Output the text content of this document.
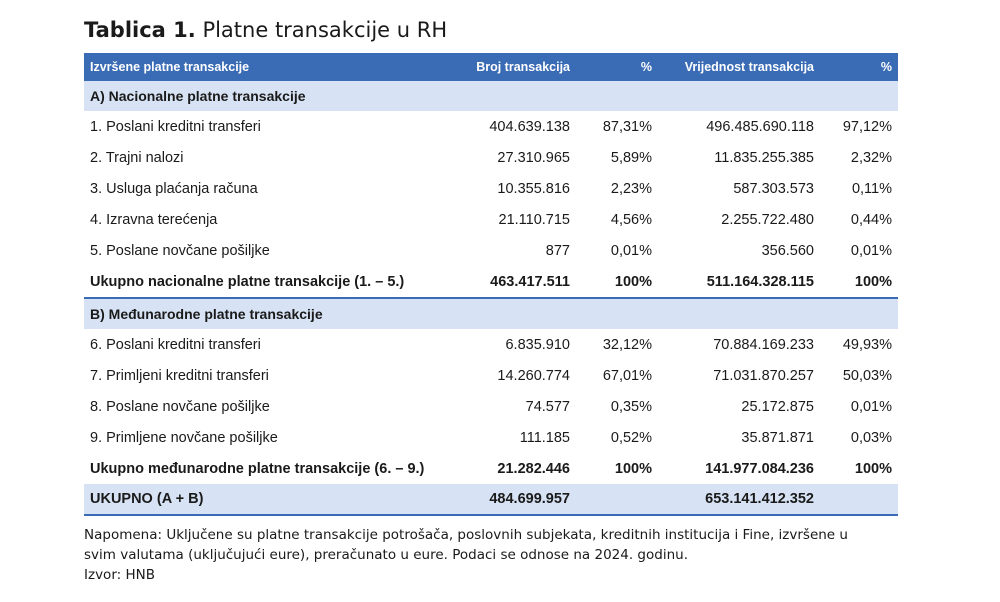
Tablica 1. Platne transakcije u RH
Izvršene platne transakcije	Broj transakcija	%	Vrijednost transakcija	%
A) Nacionalne platne transakcije				
1. Poslani kreditni transferi	404.639.138	87,31%	496.485.690.118	97,12%
2. Trajni nalozi	27.310.965	5,89%	11.835.255.385	2,32%
3. Usluga plaćanja računa	10.355.816	2,23%	587.303.573	0,11%
4. Izravna terećenja	21.110.715	4,56%	2.255.722.480	0,44%
5. Poslane novčane pošiljke	877	0,01%	356.560	0,01%
Ukupno nacionalne platne transakcije (1. – 5.)	463.417.511	100%	511.164.328.115	100%
B) Međunarodne platne transakcije				
6. Poslani kreditni transferi	6.835.910	32,12%	70.884.169.233	49,93%
7. Primljeni kreditni transferi	14.260.774	67,01%	71.031.870.257	50,03%
8. Poslane novčane pošiljke	74.577	0,35%	25.172.875	0,01%
9. Primljene novčane pošiljke	111.185	0,52%	35.871.871	0,03%
Ukupno međunarodne platne transakcije (6. – 9.)	21.282.446	100%	141.977.084.236	100%
UKUPNO (A + B)	484.699.957		653.141.412.352	

Napomena: Uključene su platne transakcije potrošača, poslovnih subjekata, kreditnih institucija i Fine, izvršene u

svim valutama (uključujući eure), preračunato u eure. Podaci se odnose na 2024. godinu.

Izvor: HNB
